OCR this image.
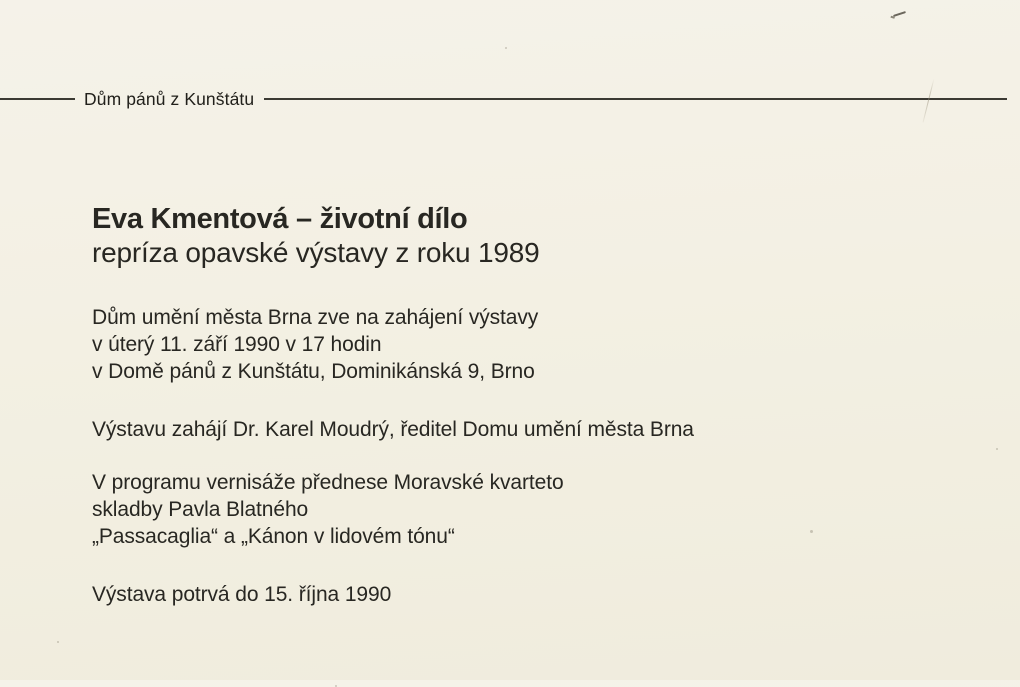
Dům pánů z Kunštátu
Eva Kmentová – životní dílo
repríza opavské výstavy z roku 1989
Dům umění města Brna zve na zahájení výstavy
v úterý 11. září 1990 v 17 hodin
v Domě pánů z Kunštátu, Dominikánská 9, Brno
Výstavu zahájí Dr. Karel Moudrý, ředitel Domu umění města Brna
V programu vernisáže přednese Moravské kvarteto
skladby Pavla Blatného
„Passacaglia“ a „Kánon v lidovém tónu“
Výstava potrvá do 15. října 1990
